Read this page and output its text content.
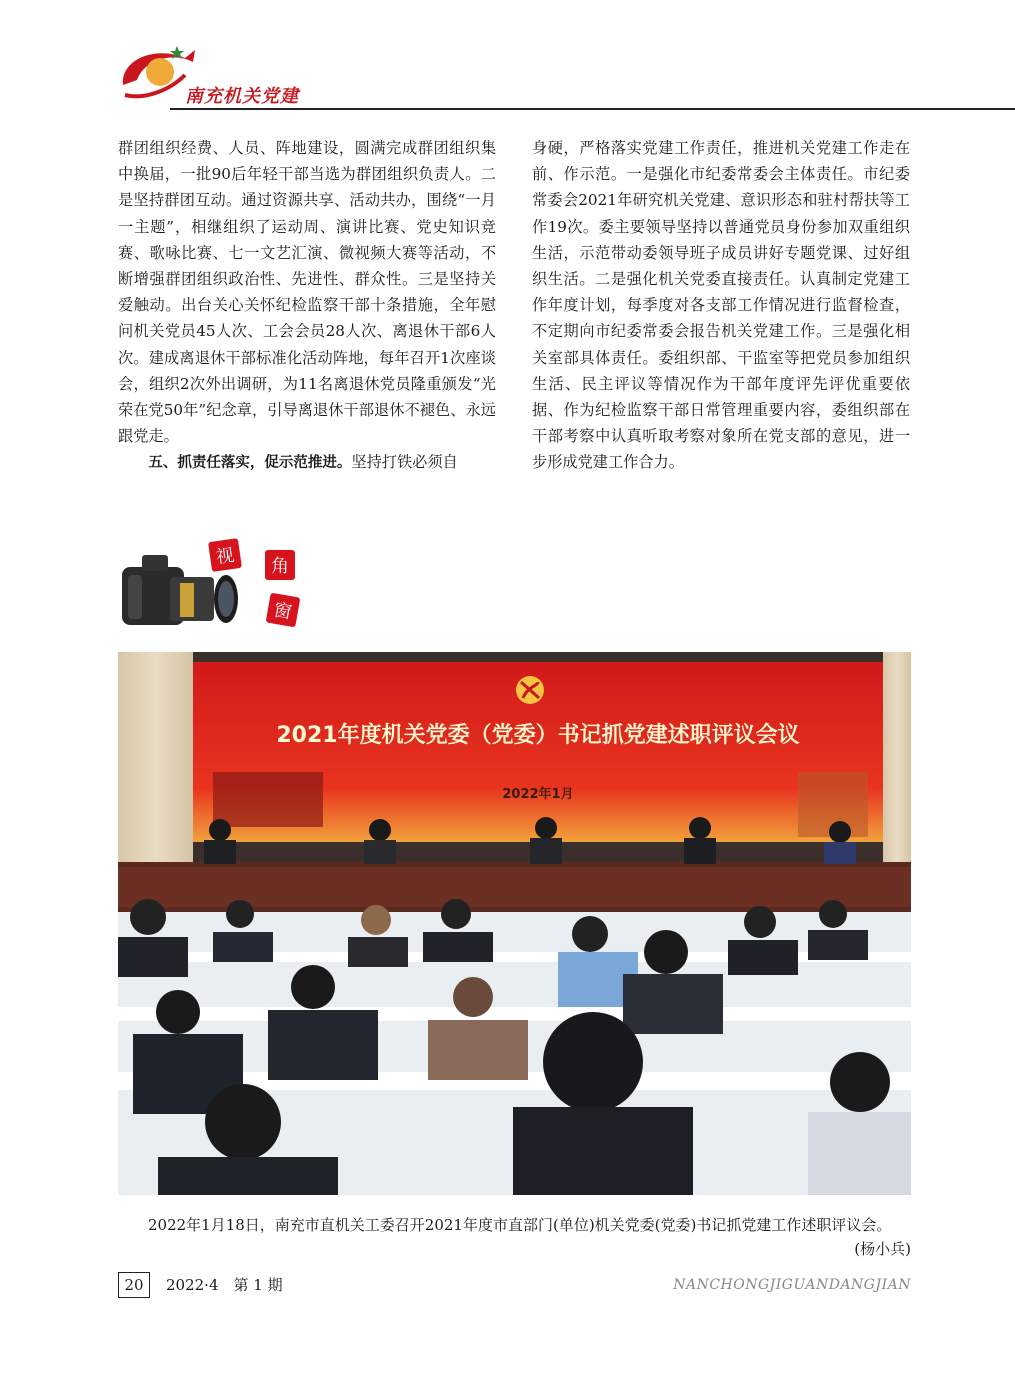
南充机关党建

群团组织经费、人员、阵地建设，圆满完成群团组织集中换届，一批90后年轻干部当选为群团组织负责人。二是坚持群团互动。通过资源共享、活动共办，围绕“一月一主题”，相继组织了运动周、演讲比赛、党史知识竞赛、歌咏比赛、七一文艺汇演、微视频大赛等活动，不断增强群团组织政治性、先进性、群众性。三是坚持关爱触动。出台关心关怀纪检监察干部十条措施，全年慰问机关党员45人次、工会会员28人次、离退休干部6人次。建成离退休干部标准化活动阵地，每年召开1次座谈会，组织2次外出调研，为11名离退休党员隆重颁发“光荣在党50年”纪念章，引导离退休干部退休不褪色、永远跟党走。

五、抓责任落实，促示范推进。坚持打铁必须自

身硬，严格落实党建工作责任，推进机关党建工作走在前、作示范。一是强化市纪委常委会主体责任。市纪委常委会2021年研究机关党建、意识形态和驻村帮扶等工作19次。委主要领导坚持以普通党员身份参加双重组织生活，示范带动委领导班子成员讲好专题党课、过好组织生活。二是强化机关党委直接责任。认真制定党建工作年度计划，每季度对各支部工作情况进行监督检查，不定期向市纪委常委会报告机关党建工作。三是强化相关室部具体责任。委组织部、干监室等把党员参加组织生活、民主评议等情况作为干部年度评先评优重要依据、作为纪检监察干部日常管理重要内容，委组织部在干部考察中认真听取考察对象所在党支部的意见，进一步形成党建工作合力。

视	角
窗
2021年度机关党委（党委）书记抓党建述职评议会议
2022年1月
2022年1月18日，南充市直机关工委召开2021年度市直部门(单位)机关党委(党委)书记抓党建工作述职评议会。
(杨小兵)
20	2022·4　第 1 期	NANCHONGJIGUANDANGJIAN
